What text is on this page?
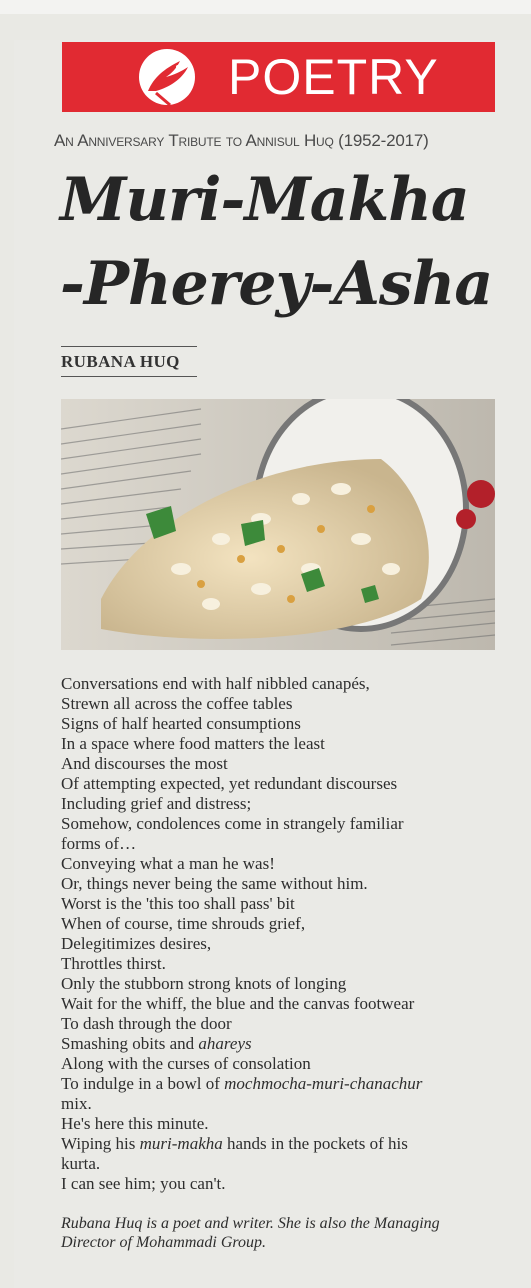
POETRY
An Anniversary Tribute to Annisul Huq (1952-2017)
Muri-Makha
-Pherey-Asha
RUBANA HUQ
Conversations end with half nibbled canapés,
Strewn all across the coffee tables
Signs of half hearted consumptions
In a space where food matters the least
And discourses the most
Of attempting expected, yet redundant discourses
Including grief and distress;
Somehow, condolences come in strangely familiar
forms of…
Conveying what a man he was!
Or, things never being the same without him.
Worst is the 'this too shall pass' bit
When of course, time shrouds grief,
Delegitimizes desires,
Throttles thirst.
Only the stubborn strong knots of longing
Wait for the whiff, the blue and the canvas footwear
To dash through the door
Smashing obits and ahareys
Along with the curses of consolation
To indulge in a bowl of mochmocha-muri-chanachur
mix.
He's here this minute.
Wiping his muri-makha hands in the pockets of his
kurta.
I can see him; you can't.
Rubana Huq is a poet and writer. She is also the Managing
Director of Mohammadi Group.
